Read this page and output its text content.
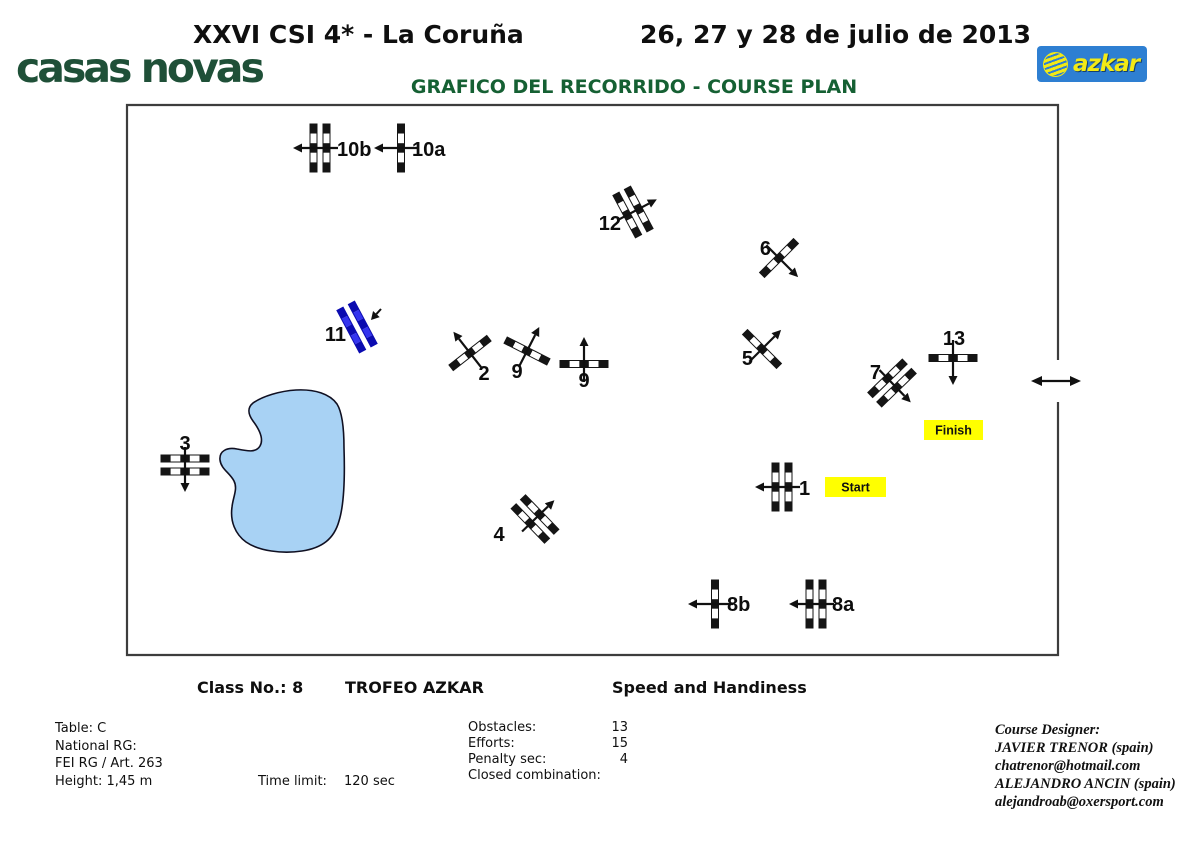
XXVI CSI 4* - La Coruña	26, 27 y 28 de julio de 2013
casas novas	GRAFICO DEL RECORRIDO - COURSE PLAN
azkar
10b 10a
12
6
11
2 9	9
5
7
13
1
3
4
8b	8a
Start
Finish
Class No.: 8	TROFEO AZKAR	Speed and Handiness
Table: C
National RG:
FEI RG / Art. 263
Height: 1,45 m	Time limit: 120 sec
Obstacles:	13
Efforts:	15
Penalty sec:	4
Closed combination:
Course Designer:
JAVIER TRENOR (spain)
chatrenor@hotmail.com
ALEJANDRO ANCIN (spain)
alejandroab@oxersport.com
